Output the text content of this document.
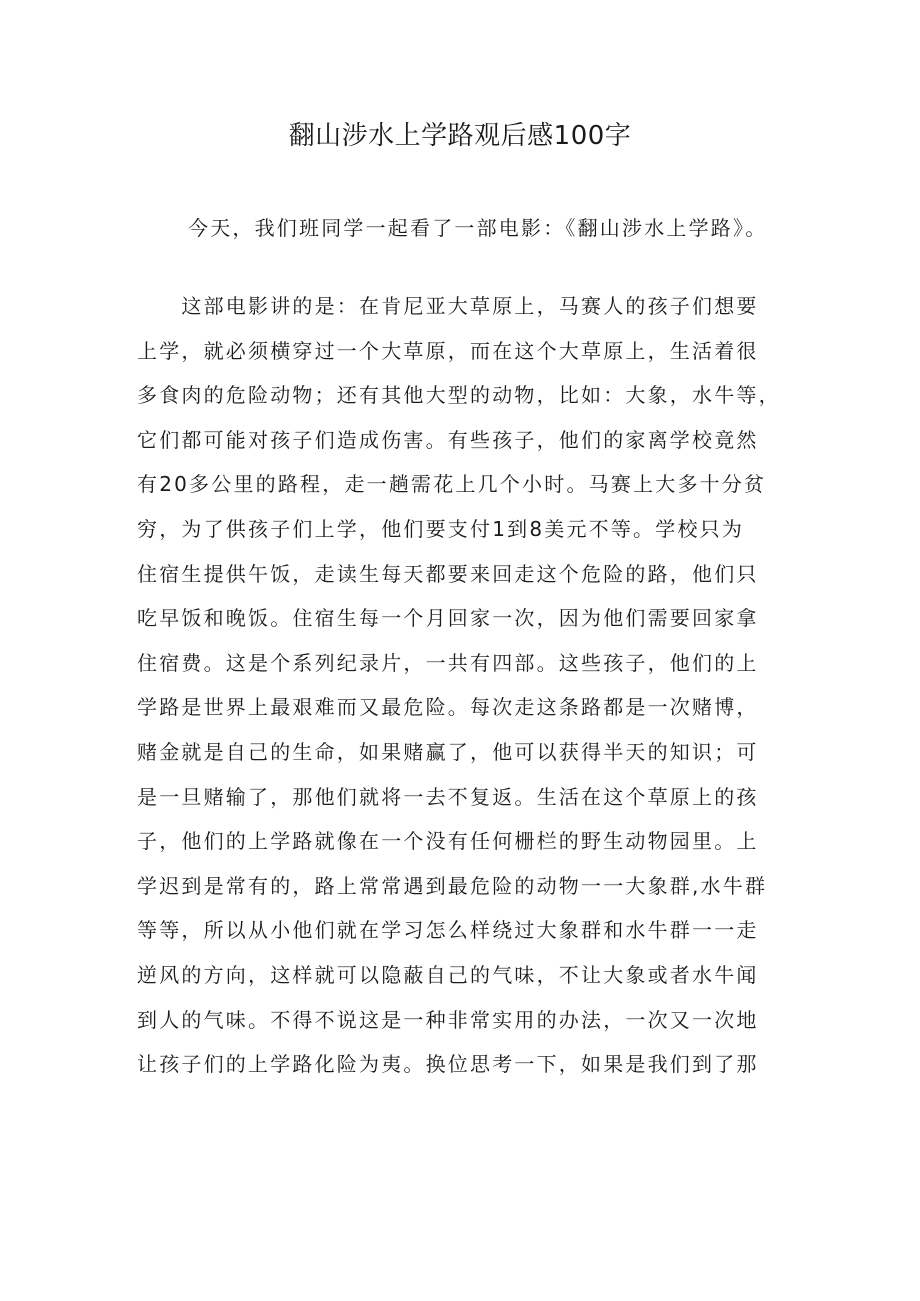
翻山涉水上学路观后感100字

今天，我们班同学一起看了一部电影：《翻山涉水上学路》。

　　这部电影讲的是：在肯尼亚大草原上，马赛人的孩子们想要
上学，就必须横穿过一个大草原，而在这个大草原上，生活着很
多食肉的危险动物；还有其他大型的动物，比如：大象，水牛等，
它们都可能对孩子们造成伤害。有些孩子，他们的家离学校竟然
有20多公里的路程，走一趟需花上几个小时。马赛上大多十分贫
穷，为了供孩子们上学，他们要支付1到8美元不等。学校只为
住宿生提供午饭，走读生每天都要来回走这个危险的路，他们只
吃早饭和晚饭。住宿生每一个月回家一次，因为他们需要回家拿
住宿费。这是个系列纪录片，一共有四部。这些孩子，他们的上
学路是世界上最艰难而又最危险。每次走这条路都是一次赌博，
赌金就是自己的生命，如果赌赢了，他可以获得半天的知识；可
是一旦赌输了，那他们就将一去不复返。生活在这个草原上的孩
子，他们的上学路就像在一个没有任何栅栏的野生动物园里。上
学迟到是常有的，路上常常遇到最危险的动物一一大象群,水牛群
等等，所以从小他们就在学习怎么样绕过大象群和水牛群一一走
逆风的方向，这样就可以隐蔽自己的气味，不让大象或者水牛闻
到人的气味。不得不说这是一种非常实用的办法，一次又一次地
让孩子们的上学路化险为夷。换位思考一下，如果是我们到了那
